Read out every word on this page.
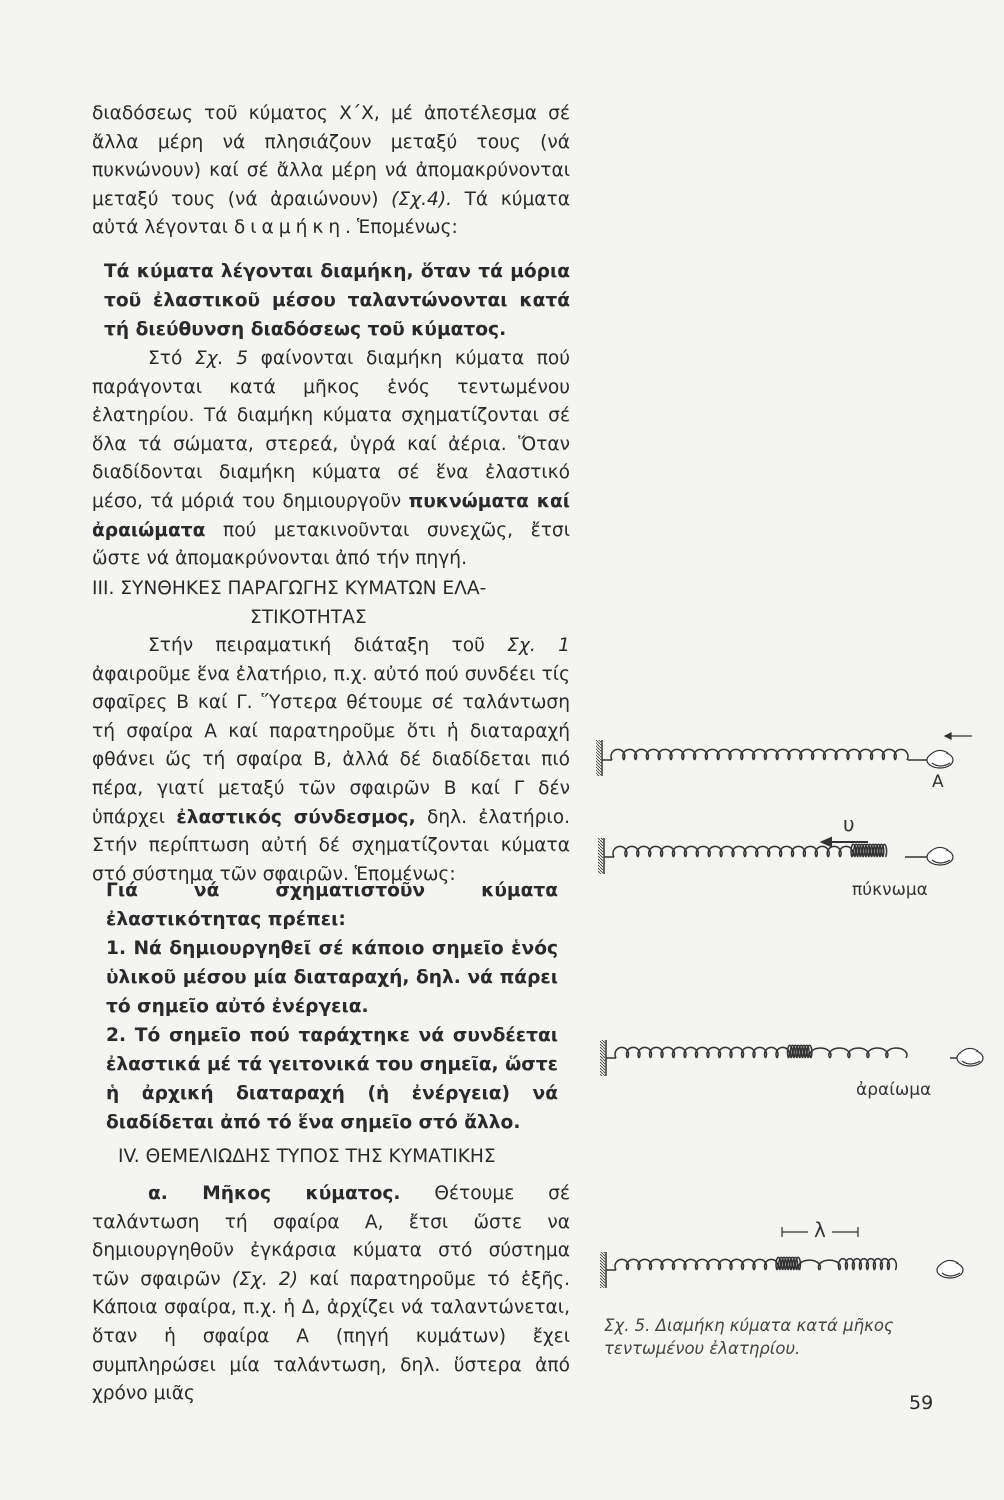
διαδόσεως τοῦ κύματος Χ΄Χ, μέ ἀποτέλεσμα σέ ἄλλα μέρη νά πλησιάζουν μεταξύ τους (νά πυκνώνουν) καί σέ ἄλλα μέρη νά ἀπομακρύνονται μεταξύ τους (νά ἀραιώνουν) (Σχ.4). Τά κύματα αὐτά λέγονται διαμήκη. Ἑπομένως:

Τά κύματα λέγονται διαμήκη, ὅταν τά μόρια τοῦ ἐλαστικοῦ μέσου ταλαντώνονται κατά τή διεύθυνση διαδόσεως τοῦ κύματος.

Στό Σχ. 5 φαίνονται διαμήκη κύματα πού παράγονται κατά μῆκος ἑνός τεντωμένου ἐλατηρίου. Τά διαμήκη κύματα σχηματίζονται σέ ὅλα τά σώματα, στερεά, ὑγρά καί ἀέρια. Ὅταν διαδίδονται διαμήκη κύματα σέ ἕνα ἐλαστικό μέσο, τά μόριά του δημιουργοῦν πυκνώματα καί ἀραιώματα πού μετακινοῦνται συνεχῶς, ἔτσι ὥστε νά ἀπομακρύνονται ἀπό τήν πηγή.

ΙΙΙ. ΣΥΝΘΗΚΕΣ ΠΑΡΑΓΩΓΗΣ ΚΥΜΑΤΩΝ ΕΛΑ-
ΣΤΙΚΟΤΗΤΑΣ

Στήν πειραματική διάταξη τοῦ Σχ. 1 ἀφαιροῦμε ἕνα ἐλατήριο, π.χ. αὐτό πού συνδέει τίς σφαῖρες Β καί Γ. Ὕστερα θέτουμε σέ ταλάντωση τή σφαίρα Α καί παρατηροῦμε ὅτι ἡ διαταραχή φθάνει ὥς τή σφαίρα Β, ἀλλά δέ διαδίδεται πιό πέρα, γιατί μεταξύ τῶν σφαιρῶν Β καί Γ δέν ὑπάρχει ἐλαστικός σύνδεσμος, δηλ. ἐλατήριο. Στήν περίπτωση αὐτή δέ σχηματίζονται κύματα στό σύστημα τῶν σφαιρῶν. Ἑπομένως:

Γιά νά σχηματιστοῦν κύματα ἐλαστικότητας πρέπει:

1. Νά δημιουργηθεῖ σέ κάποιο σημεῖο ἑνός ὑλικοῦ μέσου μία διαταραχή, δηλ. νά πάρει τό σημεῖο αὐτό ἐνέργεια.

2. Τό σημεῖο πού ταράχτηκε νά συνδέεται ἐλαστικά μέ τά γειτονικά του σημεῖα, ὥστε ἡ ἀρχική διαταραχή (ἡ ἐνέργεια) νά διαδίδεται ἀπό τό ἕνα σημεῖο στό ἄλλο.

IV. ΘΕΜΕΛΙΩΔΗΣ ΤΥΠΟΣ ΤΗΣ ΚΥΜΑΤΙΚΗΣ

α. Μῆκος κύματος. Θέτουμε σέ ταλάντωση τή σφαίρα Α, ἔτσι ὥστε να δημιουργηθοῦν ἐγκάρσια κύματα στό σύστημα τῶν σφαιρῶν (Σχ. 2) καί παρατηροῦμε τό ἑξῆς. Κάποια σφαίρα, π.χ. ἡ Δ, ἀρχίζει νά ταλαντώνεται, ὅταν ἡ σφαίρα Α (πηγή κυμάτων) ἔχει συμπληρώσει μία ταλάντωση, δηλ. ὕστερα ἀπό χρόνο μιᾶς

Α
υ
πύκνωμα
ἀραίωμα
λ
Σχ. 5. Διαμήκη κύματα κατά μῆκος τεντωμένου ἐλατηρίου.
59
